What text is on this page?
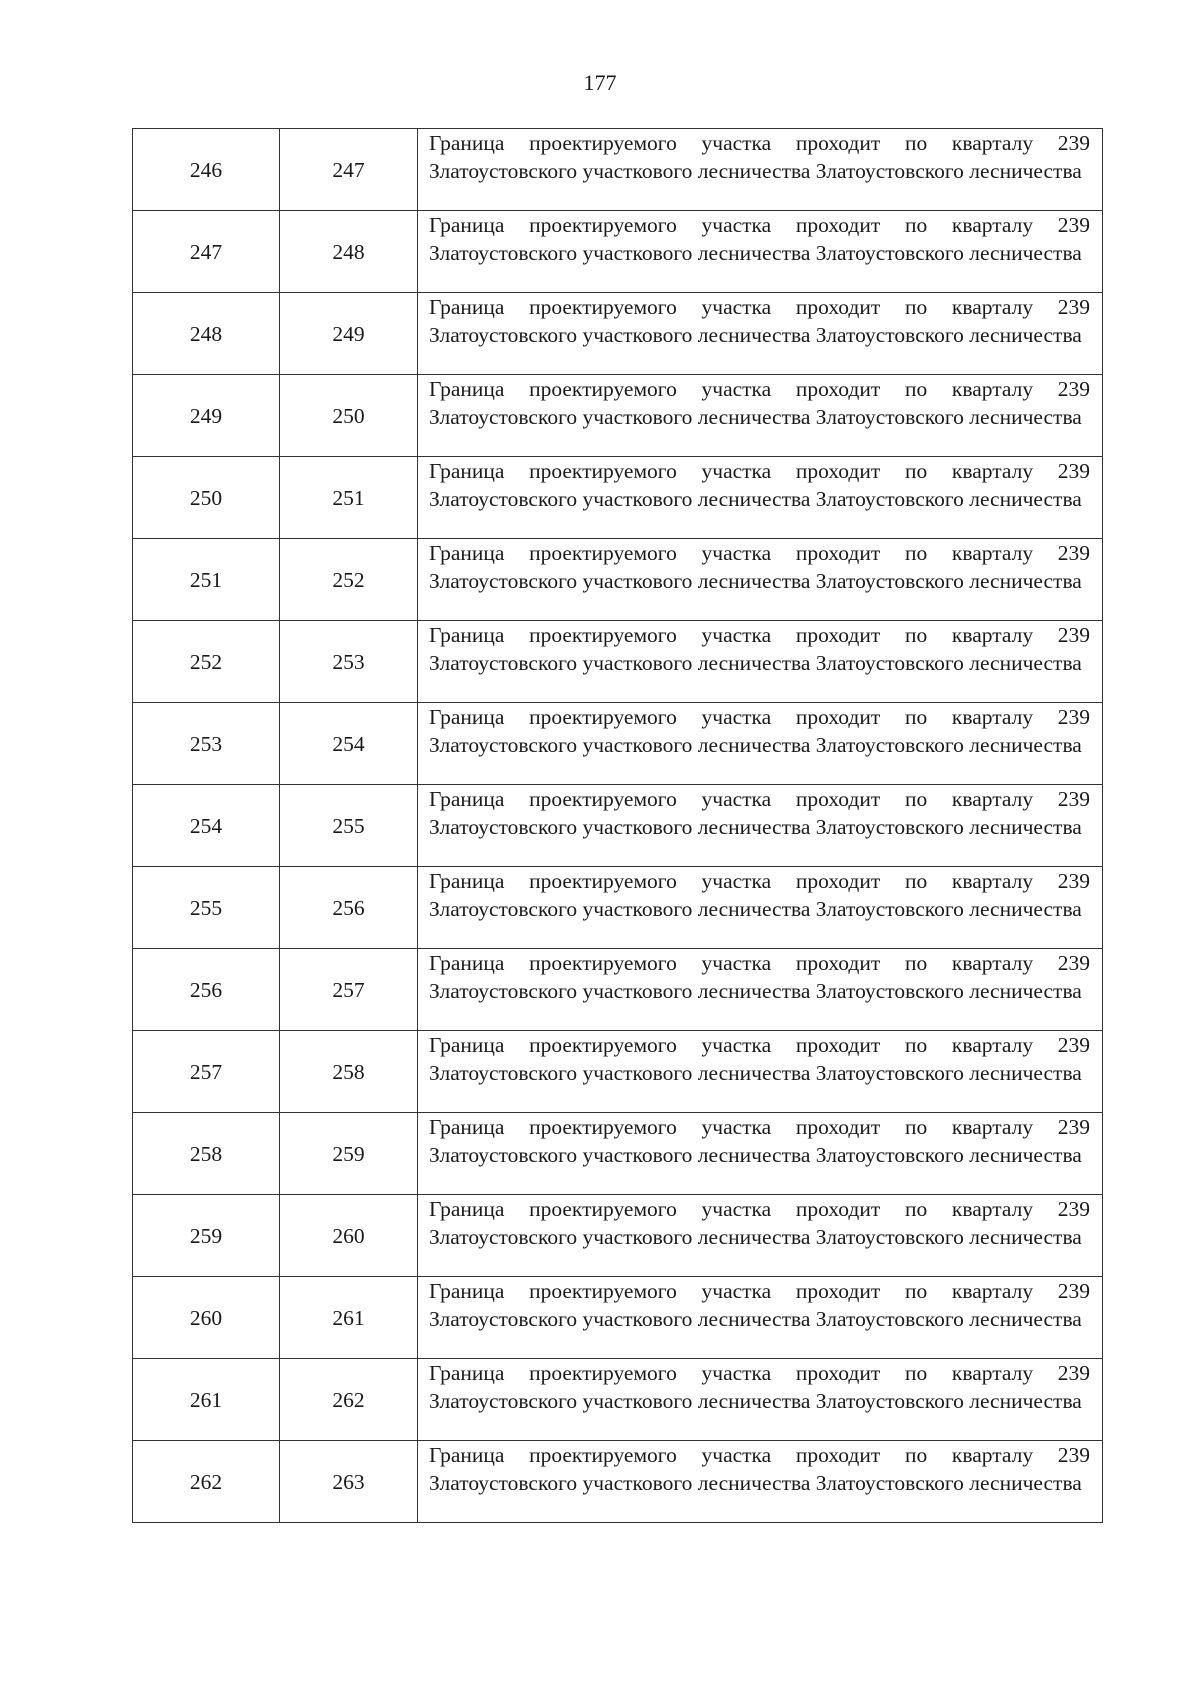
177
246	247	Граница проектируемого участка проходит по кварталу 239 Златоустовского участкового лесничества Златоустовского лесничества
247	248	Граница проектируемого участка проходит по кварталу 239 Златоустовского участкового лесничества Златоустовского лесничества
248	249	Граница проектируемого участка проходит по кварталу 239 Златоустовского участкового лесничества Златоустовского лесничества
249	250	Граница проектируемого участка проходит по кварталу 239 Златоустовского участкового лесничества Златоустовского лесничества
250	251	Граница проектируемого участка проходит по кварталу 239 Златоустовского участкового лесничества Златоустовского лесничества
251	252	Граница проектируемого участка проходит по кварталу 239 Златоустовского участкового лесничества Златоустовского лесничества
252	253	Граница проектируемого участка проходит по кварталу 239 Златоустовского участкового лесничества Златоустовского лесничества
253	254	Граница проектируемого участка проходит по кварталу 239 Златоустовского участкового лесничества Златоустовского лесничества
254	255	Граница проектируемого участка проходит по кварталу 239 Златоустовского участкового лесничества Златоустовского лесничества
255	256	Граница проектируемого участка проходит по кварталу 239 Златоустовского участкового лесничества Златоустовского лесничества
256	257	Граница проектируемого участка проходит по кварталу 239 Златоустовского участкового лесничества Златоустовского лесничества
257	258	Граница проектируемого участка проходит по кварталу 239 Златоустовского участкового лесничества Златоустовского лесничества
258	259	Граница проектируемого участка проходит по кварталу 239 Златоустовского участкового лесничества Златоустовского лесничества
259	260	Граница проектируемого участка проходит по кварталу 239 Златоустовского участкового лесничества Златоустовского лесничества
260	261	Граница проектируемого участка проходит по кварталу 239 Златоустовского участкового лесничества Златоустовского лесничества
261	262	Граница проектируемого участка проходит по кварталу 239 Златоустовского участкового лесничества Златоустовского лесничества
262	263	Граница проектируемого участка проходит по кварталу 239 Златоустовского участкового лесничества Златоустовского лесничества
